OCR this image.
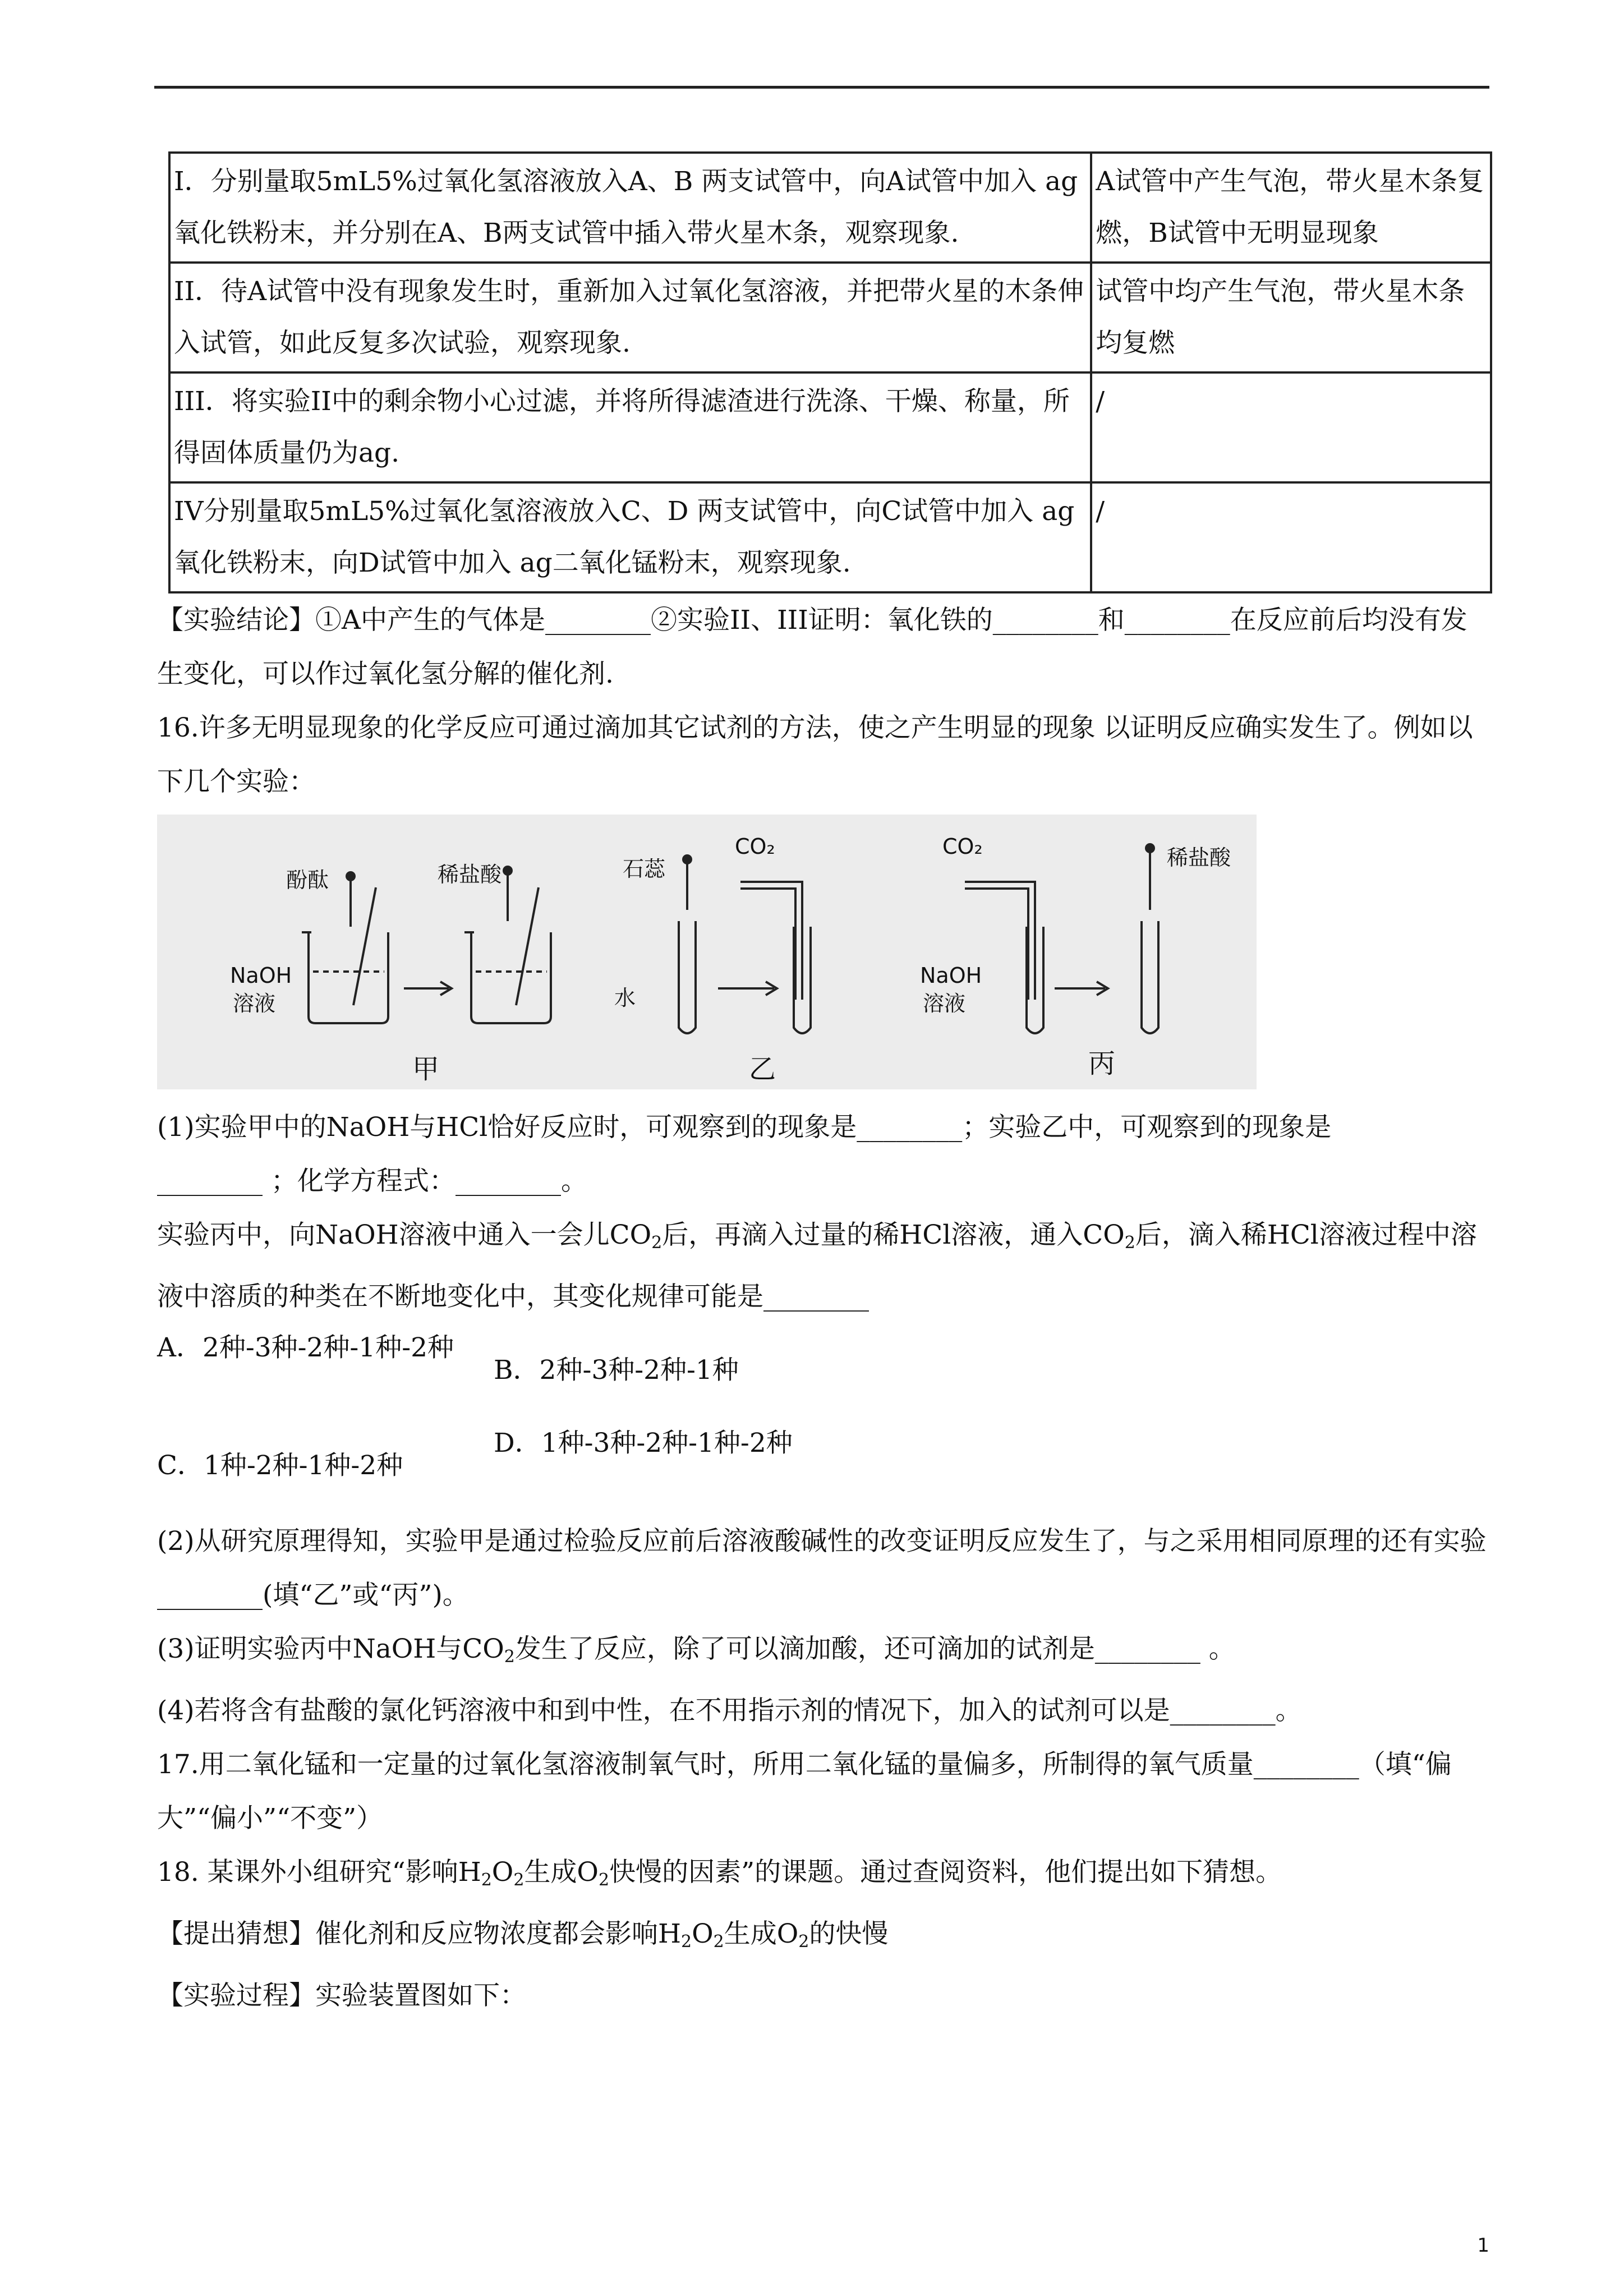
I．分别量取5mL5%过氧化氢溶液放入A、B 两支试管中，向A试管中加入 ag氧化铁粉末，并分别在A、B两支试管中插入带火星木条，观察现象.	A试管中产生气泡，带火星木条复燃，B试管中无明显现象
II．待A试管中没有现象发生时，重新加入过氧化氢溶液，并把带火星的木条伸入试管，如此反复多次试验，观察现象.	试管中均产生气泡，带火星木条均复燃
III．将实验II中的剩余物小心过滤，并将所得滤渣进行洗涤、干燥、称量，所得固体质量仍为ag.	/
IV分别量取5mL5%过氧化氢溶液放入C、D 两支试管中，向C试管中加入 ag氧化铁粉末，向D试管中加入 ag二氧化锰粉末，观察现象.	/

【实验结论】①A中产生的气体是________②实验II、III证明：氧化铁的________和________在反应前后均没有发生变化，可以作过氧化氢分解的催化剂.

16.许多无明显现象的化学反应可通过滴加其它试剂的方法，使之产生明显的现象 以证明反应确实发生了。例如以下几个实验：

酚酞	稀盐酸
NaOH
溶液
石蕊
CO₂
水
CO₂	稀盐酸
NaOH
溶液
甲	乙	丙

(1)实验甲中的NaOH与HCl恰好反应时，可观察到的现象是________；实验乙中，可观察到的现象是

________ ；化学方程式：________。

实验丙中，向NaOH溶液中通入一会儿$CO_2$后，再滴入过量的稀HCl溶液，通入$CO_2$后，滴入稀HCl溶液过程中溶液中溶质的种类在不断地变化中，其变化规律可能是________

A．2种-3种-2种-1种-2种
B．2种-3种-2种-1种
C．1种-2种-1种-2种
D．1种-3种-2种-1种-2种

(2)从研究原理得知，实验甲是通过检验反应前后溶液酸碱性的改变证明反应发生了，与之采用相同原理的还有实验________(填“乙”或“丙”)。

(3)证明实验丙中NaOH与$CO_2$发生了反应，除了可以滴加酸，还可滴加的试剂是________ 。

(4)若将含有盐酸的氯化钙溶液中和到中性，在不用指示剂的情况下，加入的试剂可以是________。

17.用二氧化锰和一定量的过氧化氢溶液制氧气时，所用二氧化锰的量偏多，所制得的氧气质量________（填“偏大”“偏小”“不变”）

18. 某课外小组研究“影响$H_2O_2$生成$O_2$快慢的因素”的课题。通过查阅资料，他们提出如下猜想。

【提出猜想】催化剂和反应物浓度都会影响$H_2O_2$生成$O_2$的快慢

【实验过程】实验装置图如下：

1
